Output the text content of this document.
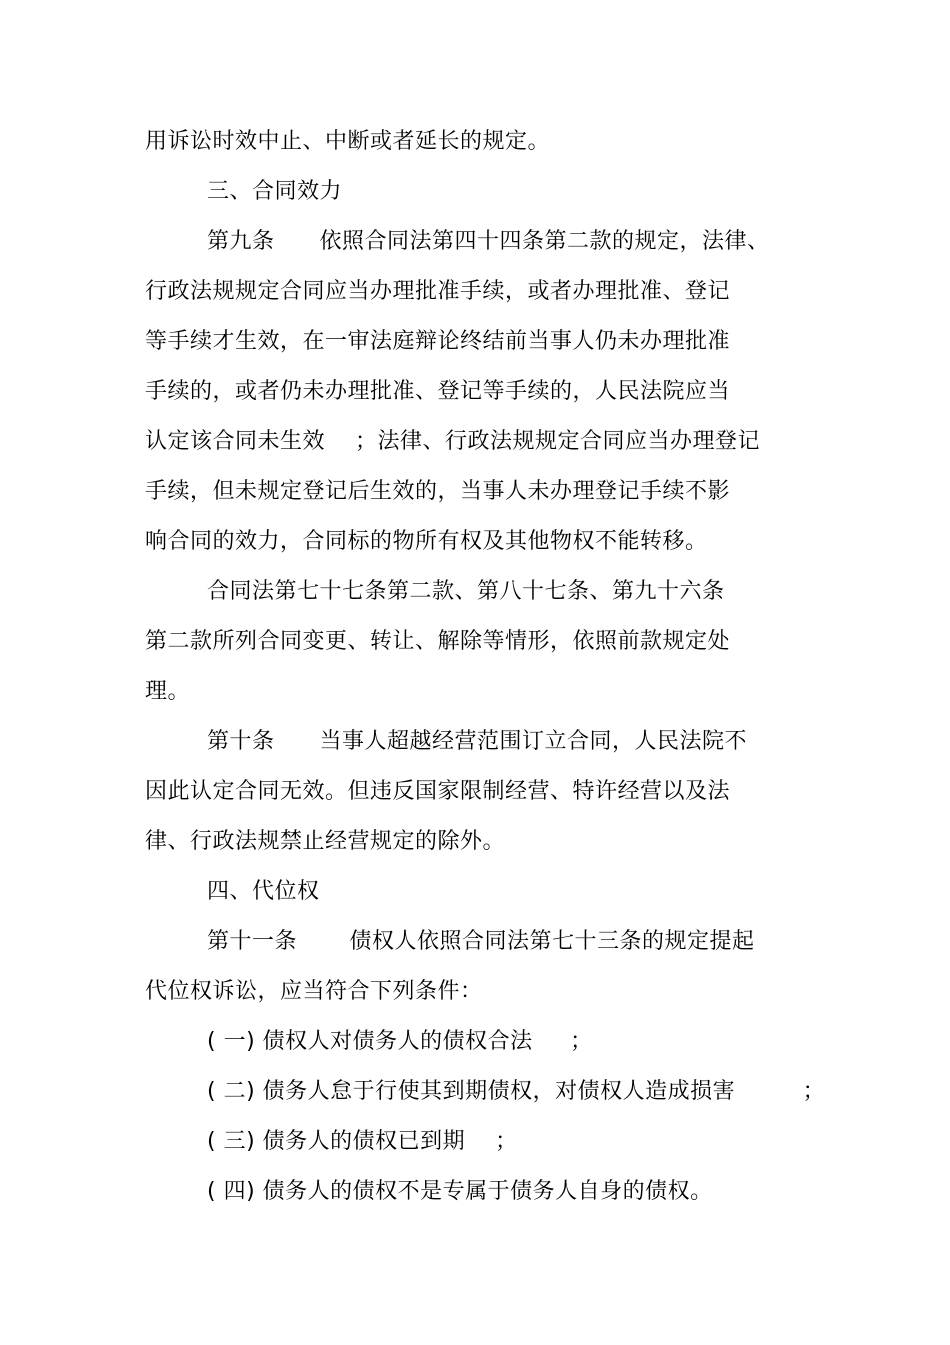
用诉讼时效中止、中断或者延长的规定。
三、合同效力
第九条      依照合同法第四十四条第二款的规定，法律、
行政法规规定合同应当办理批准手续，或者办理批准、登记
等手续才生效，在一审法庭辩论终结前当事人仍未办理批准
手续的，或者仍未办理批准、登记等手续的，人民法院应当
认定该合同未生效    ；法律、行政法规规定合同应当办理登记
手续，但未规定登记后生效的，当事人未办理登记手续不影
响合同的效力，合同标的物所有权及其他物权不能转移。
合同法第七十七条第二款、第八十七条、第九十六条
第二款所列合同变更、转让、解除等情形，依照前款规定处
理。
第十条      当事人超越经营范围订立合同，人民法院不
因此认定合同无效。但违反国家限制经营、特许经营以及法
律、行政法规禁止经营规定的除外。
四、代位权
第十一条       债权人依照合同法第七十三条的规定提起
代位权诉讼，应当符合下列条件：
( 一) 债权人对债务人的债权合法     ；
( 二) 债务人怠于行使其到期债权，对债权人造成损害         ；
( 三) 债务人的债权已到期    ；
( 四) 债务人的债权不是专属于债务人自身的债权。
